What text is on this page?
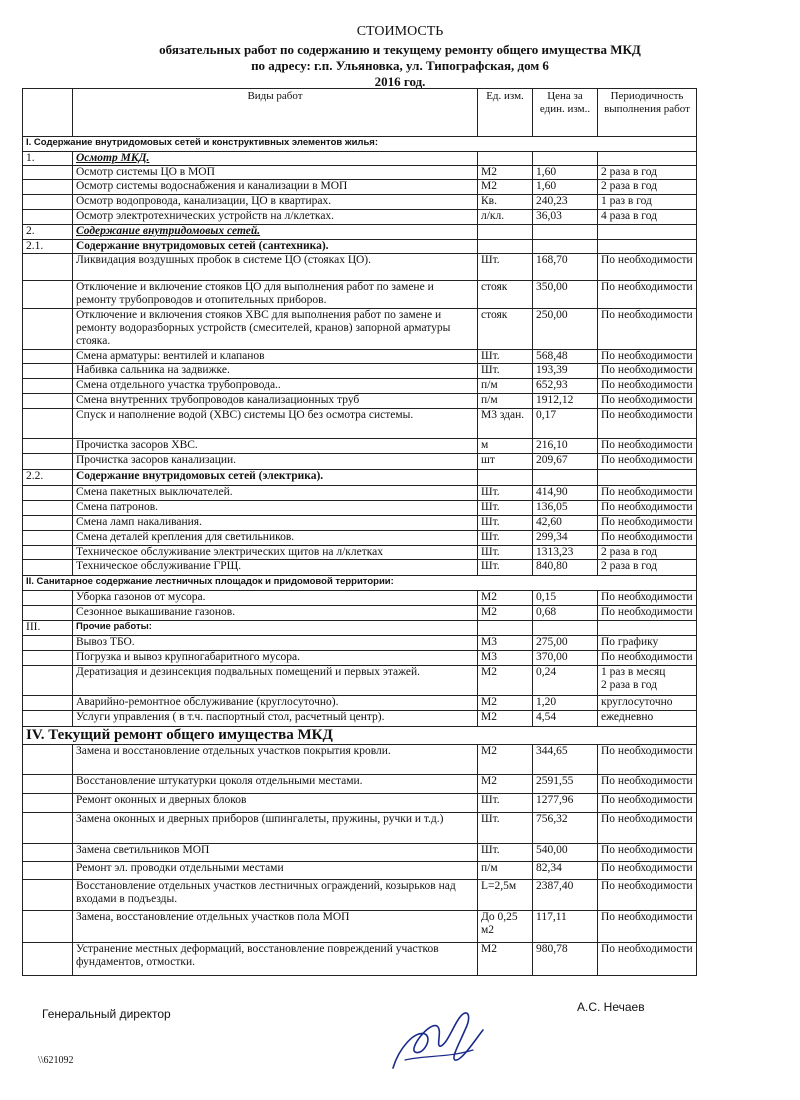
СТОИМОСТЬ
обязательных работ по содержанию и текущему ремонту общего имущества МКД
по адресу: г.п. Ульяновка, ул. Типографская, дом 6
2016 год.
	Виды работ	Ед. изм.	Цена за един. изм..	Периодичность выполнения работ
I. Содержание внутридомовых сетей и конструктивных элементов жилья:				
1.	Осмотр МКД.			
	Осмотр системы ЦО в МОП	М2	1,60	2 раза в год
	Осмотр системы водоснабжения и канализации в МОП	М2	1,60	2 раза в год
	Осмотр водопровода, канализации, ЦО в квартирах.	Кв.	240,23	1 раз в год
	Осмотр электротехнических устройств на л/клетках.	л/кл.	36,03	4 раза в год
2.	Содержание внутридомовых сетей.			
2.1.	Содержание внутридомовых сетей (сантехника).			
	Ликвидация воздушных пробок в системе ЦО (стояках ЦО).	Шт.	168,70	По необходимости
	Отключение и включение стояков ЦО для выполнения работ по замене и ремонту трубопроводов и отопительных приборов.	стояк	350,00	По необходимости
	Отключение и включения стояков ХВС для выполнения работ по замене и ремонту водоразборных устройств (смесителей, кранов) запорной арматуры стояка.	стояк	250,00	По необходимости
	Смена арматуры: вентилей и клапанов	Шт.	568,48	По необходимости
	Набивка сальника на задвижке.	Шт.	193,39	По необходимости
	Смена отдельного участка трубопровода..	п/м	652,93	По необходимости
	Смена внутренних трубопроводов канализационных труб	п/м	1912,12	По необходимости
	Спуск и наполнение водой (ХВС) системы ЦО без осмотра системы.	М3 здан.	0,17	По необходимости
	Прочистка засоров ХВС.	м	216,10	По необходимости
	Прочистка засоров канализации.	шт	209,67	По необходимости
2.2.	Содержание внутридомовых сетей (электрика).			
	Смена пакетных выключателей.	Шт.	414,90	По необходимости
	Смена патронов.	Шт.	136,05	По необходимости
	Смена ламп накаливания.	Шт.	42,60	По необходимости
	Смена деталей крепления для светильников.	Шт.	299,34	По необходимости
	Техническое обслуживание электрических щитов на л/клетках	Шт.	1313,23	2 раза в год
	Техническое обслуживание ГРЩ.	Шт.	840,80	2 раза в год
II. Санитарное содержание лестничных площадок и придомовой территории:				
	Уборка газонов от мусора.	М2	0,15	По необходимости
	Сезонное выкашивание газонов.	М2	0,68	По необходимости
III.	Прочие работы:			
	Вывоз ТБО.	М3	275,00	По графику
	Погрузка и вывоз крупногабаритного мусора.	М3	370,00	По необходимости
	Дератизация и дезинсекция подвальных помещений и первых этажей.	М2	0,24	1 раз в месяц
2 раза в год
	Аварийно-ремонтное обслуживание (круглосуточно).	М2	1,20	круглосуточно
	Услуги управления ( в т.ч. паспортный стол, расчетный центр).	М2	4,54	ежедневно
IV. Текущий ремонт общего имущества МКД				
	Замена и восстановление отдельных участков покрытия кровли.	М2	344,65	По необходимости
	Восстановление штукатурки цоколя отдельными местами.	М2	2591,55	По необходимости
	Ремонт оконных и дверных блоков	Шт.	1277,96	По необходимости
	Замена оконных и дверных приборов (шпингалеты, пружины, ручки и т.д.)	Шт.	756,32	По необходимости
	Замена светильников МОП	Шт.	540,00	По необходимости
	Ремонт эл. проводки отдельными местами	п/м	82,34	По необходимости
	Восстановление отдельных участков лестничных ограждений, козырьков над входами в подъезды.	L=2,5м	2387,40	По необходимости
	Замена, восстановление отдельных участков пола МОП	До 0,25 м2	117,11	По необходимости
	Устранение местных деформаций, восстановление повреждений участков фундаментов, отмостки.	М2	980,78	По необходимости
Генеральный директор	А.С. Нечаев
\\621092
